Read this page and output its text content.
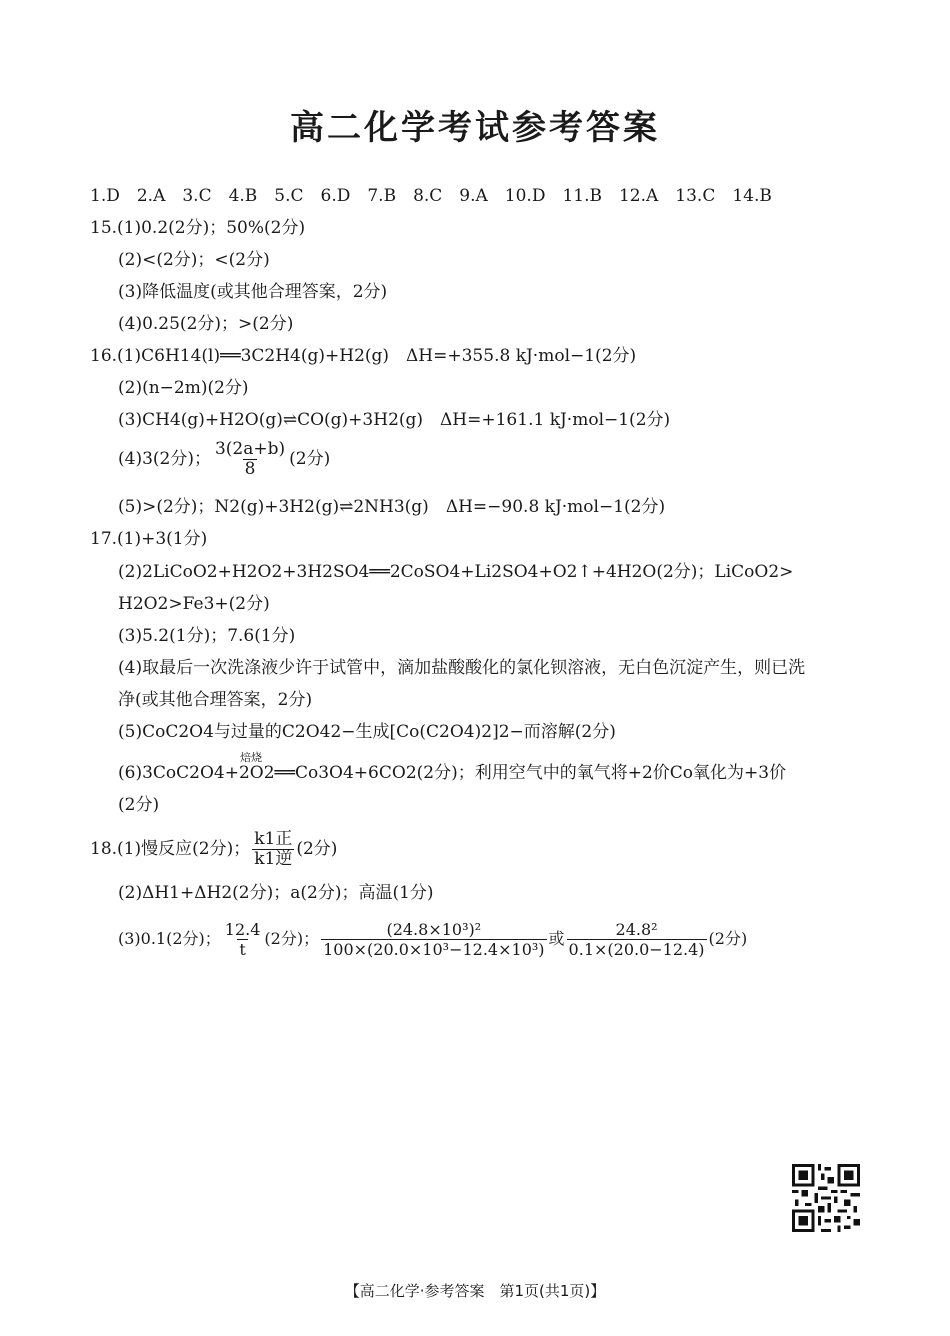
高二化学考试参考答案
1.D　2.A　3.C　4.B　5.C　6.D　7.B　8.C　9.A　10.D　11.B　12.A　13.C　14.B
15.(1)0.2(2分)；50%(2分)
(2)<(2分)；<(2分)
(3)降低温度(或其他合理答案，2分)
(4)0.25(2分)；>(2分)
16.(1)C6H14(l)══3C2H4(g)+H2(g)　ΔH=+355.8 kJ·mol−1(2分)
(2)(n−2m)(2分)
(3)CH4(g)+H2O(g)⇌CO(g)+3H2(g)　ΔH=+161.1 kJ·mol−1(2分)
(4)3(2分)； $\frac{3(2a+b)}{8} (2$分)
(5)>(2分)；N2(g)+3H2(g)⇌2NH3(g)　ΔH=−90.8 kJ·mol−1(2分)
17.(1)+3(1分)
(2)2LiCoO2+H2O2+3H2SO4══2CoSO4+Li2SO4+O2↑+4H2O(2分)；LiCoO2>
H2O2>Fe3+(2分)
(3)5.2(1分)；7.6(1分)
(4)取最后一次洗涤液少许于试管中，滴加盐酸酸化的氯化钡溶液，无白色沉淀产生，则已洗
净(或其他合理答案，2分)
(5)CoC2O4与过量的C2O42−生成[Co(C2O4)2]2−而溶解(2分)
焙烧
(6)3CoC2O4+2O2══Co3O4+6CO2(2分)；利用空气中的氧气将+2价Co氧化为+3价
(2分)
18.(1)慢反应(2分)； $\frac{\text{k1正}}{\text{k1逆}} (2$分)
(2)ΔH1+ΔH2(2分)；a(2分)；高温(1分)
(3)0.1(2分)； $\frac{12.4}{t} (2$分)； $\frac{\text{(24.8×10³)²}}{\text{100×(20.0×10³−12.4×10³)}}$ 或 $\frac{\text{24.8²}}{0.1\times(20.0-12.4)} (2$分)
【高二化学·参考答案　第1页(共1页)】
